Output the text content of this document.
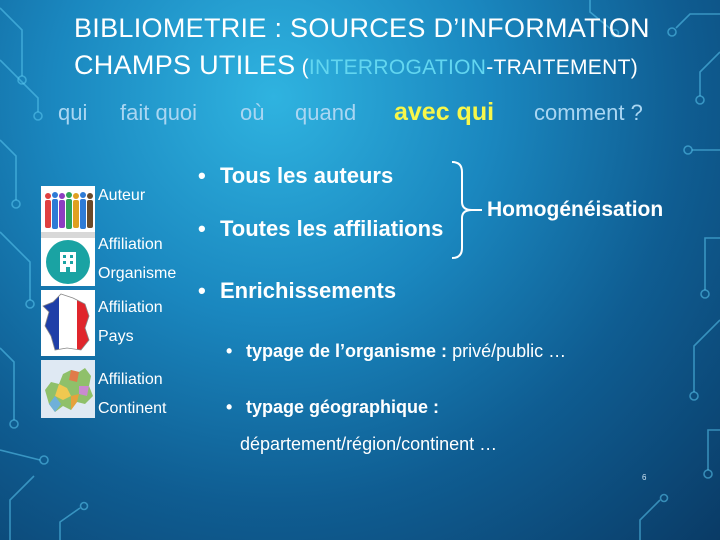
BIBLIOMETRIE : SOURCES D’INFORMATION
CHAMPS UTILES (INTERROGATION-TRAITEMENT)
qui fait quoi où quand avec qui comment ?
Auteur
Affiliation
Organisme
Affiliation
Pays
Affiliation
Continent
• Tous les auteurs
• Toutes les affiliations
• Enrichissements
Homogénéisation
• typage de l’organisme : privé/public …
• typage géographique :
département/région/continent …
6
